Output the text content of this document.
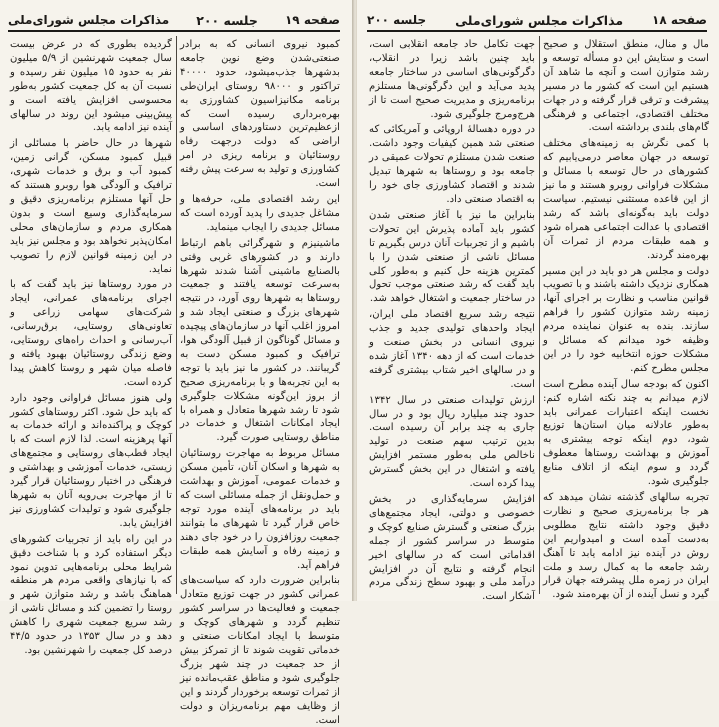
مذاکرات مجلس شورای‌ملی جلسه ۲۰۰ صفحه ۱۹

کمبود نیروی انسانی که به برادر صنعتی‌شدن وضع نوین جامعه بدشهرها جذب‌میشود، حدود ۴۰۰۰۰ تراکتور و ۹۸۰۰۰ روستای ایران‌طی برنامه مکانیزاسیون کشاورزی به بهره‌برداری رسیده است که ازعظیم‌ترین دستاوردهای اساسی و اراضی که دولت درجهت رفاه روستائیان و برنامه ریزی در امر کشاورزی و تولید به سرعت پیش رفته است.

این رشد اقتصادی ملی، حرفه‌ها و مشاغل جدیدی را پدید آورده است که مسائل جدیدی را ایجاب مینماید.

ماشینیزم و شهرگرائی باهم ارتباط دارند و در کشورهای غربی وقتی بالصنایع ماشینی آشنا شدند شهرها به‌سرعت توسعه یافتند و جمعیت روستاها به شهرها روی آورد، در نتیجه شهرهای بزرگ و صنعتی ایجاد شد و امروز اغلب آنها در سازمان‌های پیچیده و مسائل گوناگون از قبیل آلودگی هوا، ترافیک و کمبود مسکن دست به گریبانند. در کشور ما نیز باید با توجه به این تجربه‌ها و با برنامه‌ریزی صحیح از بروز این‌گونه مشکلات جلوگیری شود تا رشد شهرها متعادل و همراه با ایجاد امکانات اشتغال و خدمات در مناطق روستایی صورت گیرد.

مسائل مربوط به مهاجرت روستائیان به شهرها و اسکان آنان، تأمین مسکن و خدمات عمومی، آموزش و بهداشت و حمل‌ونقل از جمله مسائلی است که باید در برنامه‌های آینده مورد توجه خاص قرار گیرد تا شهرهای ما بتوانند جمعیت روزافزون را در خود جای دهند و زمینه رفاه و آسایش همه طبقات فراهم آید.

بنابراین ضرورت دارد که سیاست‌های عمرانی کشور در جهت توزیع متعادل جمعیت و فعالیت‌ها در سراسر کشور تنظیم گردد و شهرهای کوچک و متوسط با ایجاد امکانات صنعتی و خدماتی تقویت شوند تا از تمرکز بیش از حد جمعیت در چند شهر بزرگ جلوگیری شود و مناطق عقب‌مانده نیز از ثمرات توسعه برخوردار گردند و این از وظایف مهم برنامه‌ریزان و دولت است.

گردیده بطوری که در عرض بیست سال جمعیت شهرنشین از ۵/۹ میلیون نفر به حدود ۱۵ میلیون نفر رسیده و نسبت آن به کل جمعیت کشور به‌طور محسوسی افزایش یافته است و پیش‌بینی میشود این روند در سالهای آینده نیز ادامه یابد.

شهرها در حال حاضر با مسائلی از قبیل کمبود مسکن، گرانی زمین، کمبود آب و برق و خدمات شهری، ترافیک و آلودگی هوا روبرو هستند که حل آنها مستلزم برنامه‌ریزی دقیق و سرمایه‌گذاری وسیع است و بدون همکاری مردم و سازمان‌های محلی امکان‌پذیر نخواهد بود و مجلس نیز باید در این زمینه قوانین لازم را تصویب نماید.

در مورد روستاها نیز باید گفت که با اجرای برنامه‌های عمرانی، ایجاد شرکت‌های سهامی زراعی و تعاونی‌های روستایی، برق‌رسانی، آب‌رسانی و احداث راه‌های روستایی، وضع زندگی روستائیان بهبود یافته و فاصله میان شهر و روستا کاهش پیدا کرده است.

ولی هنوز مسائل فراوانی وجود دارد که باید حل شود. اکثر روستاهای کشور کوچک و پراکنده‌اند و ارائه خدمات به آنها پرهزینه است. لذا لازم است که با ایجاد قطب‌های روستایی و مجتمع‌های زیستی، خدمات آموزشی و بهداشتی و فرهنگی در اختیار روستائیان قرار گیرد تا از مهاجرت بی‌رویه آنان به شهرها جلوگیری شود و تولیدات کشاورزی نیز افزایش یابد.

در این راه باید از تجربیات کشورهای دیگر استفاده کرد و با شناخت دقیق شرایط محلی برنامه‌هایی تدوین نمود که با نیازهای واقعی مردم هر منطقه هماهنگ باشد و رشد متوازن شهر و روستا را تضمین کند و مسائل ناشی از رشد سریع جمعیت شهری را کاهش دهد و در سال ۱۳۵۳ در حدود ۴۴/۵ درصد کل جمعیت را شهرنشین بود.

جلسه ۲۰۰ مذاکرات مجلس شورای‌ملی صفحه ۱۸

مال و منال، منطق استقلال و صحیح است و ستایش این دو مسأله توسعه و رشد متوازن است و آنچه ما شاهد آن هستیم این است که کشور ما در مسیر پیشرفت و ترقی قرار گرفته و در جهات مختلف اقتصادی، اجتماعی و فرهنگی گام‌های بلندی برداشته است.

با کمی نگرش به زمینه‌های مختلف توسعه در جهان معاصر درمی‌یابیم که کشورهای در حال توسعه با مسائل و مشکلات فراوانی روبرو هستند و ما نیز از این قاعده مستثنی نیستیم. سیاست دولت باید به‌گونه‌ای باشد که رشد اقتصادی با عدالت اجتماعی همراه شود و همه طبقات مردم از ثمرات آن بهره‌مند گردند.

دولت و مجلس هر دو باید در این مسیر همکاری نزدیک داشته باشند و با تصویب قوانین مناسب و نظارت بر اجرای آنها، زمینه رشد متوازن کشور را فراهم سازند. بنده به عنوان نماینده مردم وظیفه خود میدانم که مسائل و مشکلات حوزه انتخابیه خود را در این مجلس مطرح کنم.

اکنون که بودجه سال آینده مطرح است لازم میدانم به چند نکته اشاره کنم: نخست اینکه اعتبارات عمرانی باید به‌طور عادلانه میان استان‌ها توزیع شود، دوم اینکه توجه بیشتری به آموزش و بهداشت روستاها معطوف گردد و سوم اینکه از اتلاف منابع جلوگیری شود.

تجربه سالهای گذشته نشان میدهد که هر جا برنامه‌ریزی صحیح و نظارت دقیق وجود داشته نتایج مطلوبی به‌دست آمده است و امیدواریم این روش در آینده نیز ادامه یابد تا آهنگ رشد جامعه ما به کمال رسد و ملت ایران در زمره ملل پیشرفته جهان قرار گیرد و نسل آینده از آن بهره‌مند شود.

جهت تکامل حاد جامعه انقلابی است، باید چنین باشد زیرا در انقلاب، دگرگونی‌های اساسی در ساختار جامعه پدید می‌آید و این دگرگونی‌ها مستلزم برنامه‌ریزی و مدیریت صحیح است تا از هرج‌ومرج جلوگیری شود.

در دوره دهسالهٔ اروپائی و آمریکائی که صنعتی شد همین کیفیات وجود داشت. صنعت شدن مستلزم تحولات عمیقی در جامعه بود و روستاها به شهرها تبدیل شدند و اقتصاد کشاورزی جای خود را به اقتصاد صنعتی داد.

بنابراین ما نیز با آغاز صنعتی شدن کشور باید آماده پذیرش این تحولات باشیم و از تجربیات آنان درس بگیریم تا مسائل ناشی از صنعتی شدن را با کمترین هزینه حل کنیم و به‌طور کلی باید گفت که رشد صنعتی موجب تحول در ساختار جمعیت و اشتغال خواهد شد.

نتیجه رشد سریع اقتصاد ملی ایران، ایجاد واحدهای تولیدی جدید و جذب نیروی انسانی در بخش صنعت و خدمات است که از دهه ۱۳۴۰ آغاز شده و در سالهای اخیر شتاب بیشتری گرفته است.

ارزش تولیدات صنعتی در سال ۱۳۴۲ حدود چند میلیارد ریال بود و در سال جاری به چند برابر آن رسیده است. بدین ترتیب سهم صنعت در تولید ناخالص ملی به‌طور مستمر افزایش یافته و اشتغال در این بخش گسترش پیدا کرده است.

افزایش سرمایه‌گذاری در بخش خصوصی و دولتی، ایجاد مجتمع‌های بزرگ صنعتی و گسترش صنایع کوچک و متوسط در سراسر کشور از جمله اقداماتی است که در سالهای اخیر انجام گرفته و نتایج آن در افزایش درآمد ملی و بهبود سطح زندگی مردم آشکار است.
